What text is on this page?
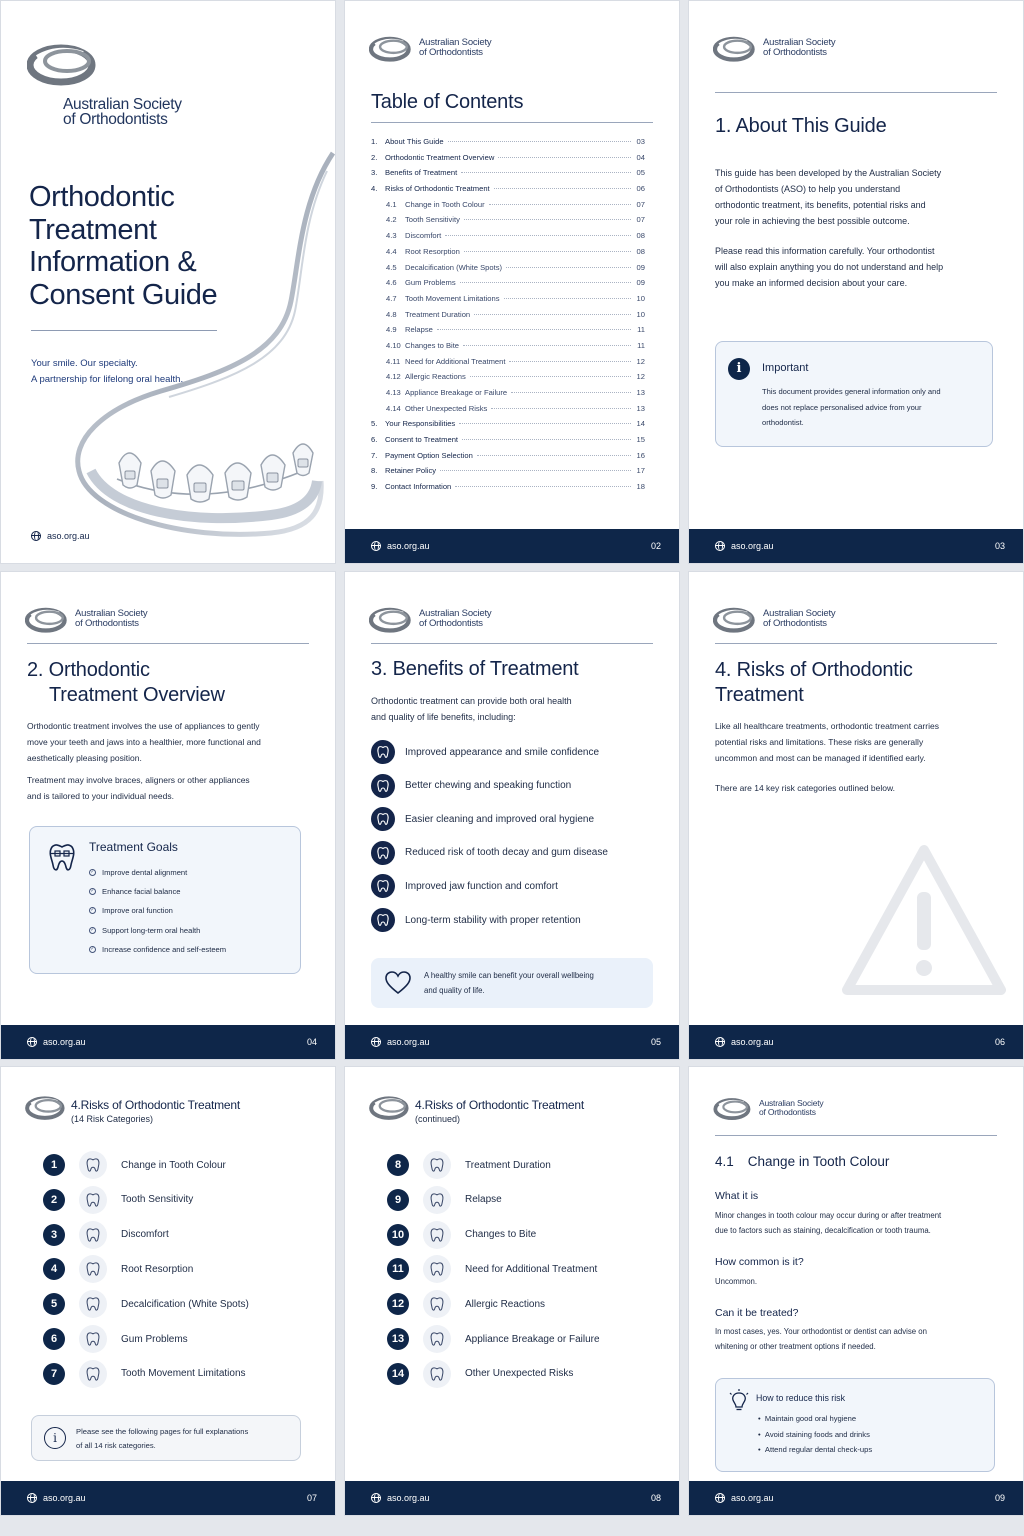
Australian Society
of Orthodontists
Orthodontic
Treatment
Information &
Consent Guide
Your smile. Our specialty.
A partnership for lifelong oral health.
aso.org.au
Australian Society
of Orthodontists
Table of Contents
1.	About This Guide	03
2.	Orthodontic Treatment Overview	04
3.	Benefits of Treatment	05
4.	Risks of Orthodontic Treatment	06
4.1	Change in Tooth Colour	07
4.2	Tooth Sensitivity	07
4.3	Discomfort	08
4.4	Root Resorption	08
4.5	Decalcification (White Spots)	09
4.6	Gum Problems	09
4.7	Tooth Movement Limitations	10
4.8	Treatment Duration	10
4.9	Relapse	11
4.10 Changes to Bite	11
4.11 Need for Additional Treatment	12
4.12 Allergic Reactions	12
4.13 Appliance Breakage or Failure	13
4.14 Other Unexpected Risks	13
5.	Your Responsibilities	14
6.	Consent to Treatment	15
7.	Payment Option Selection	16
8.	Retainer Policy	17
9.	Contact Information	18
aso.org.au	02
Australian Society
of Orthodontists
1. About This Guide
This guide has been developed by the Australian Society
of Orthodontists (ASO) to help you understand
orthodontic treatment, its benefits, potential risks and
your role in achieving the best possible outcome.
Please read this information carefully. Your orthodontist
will also explain anything you do not understand and help
you make an informed decision about your care.
i	Important
This document provides general information only and
does not replace personalised advice from your
orthodontist.
aso.org.au	03
Australian Society
of Orthodontists
2. Orthodontic
Treatment Overview
Orthodontic treatment involves the use of appliances to gently
move your teeth and jaws into a healthier, more functional and
aesthetically pleasing position.
Treatment may involve braces, aligners or other appliances
and is tailored to your individual needs.
Treatment Goals
✓ Improve dental alignment
✓ Enhance facial balance
✓ Improve oral function
✓ Support long-term oral health
✓ Increase confidence and self-esteem
aso.org.au	04
Australian Society
of Orthodontists
3. Benefits of Treatment
Orthodontic treatment can provide both oral health
and quality of life benefits, including:
Improved appearance and smile confidence
Better chewing and speaking function
Easier cleaning and improved oral hygiene
Reduced risk of tooth decay and gum disease
Improved jaw function and comfort
Long-term stability with proper retention
A healthy smile can benefit your overall wellbeing
and quality of life.
aso.org.au	05
Australian Society
of Orthodontists
4. Risks of Orthodontic
Treatment
Like all healthcare treatments, orthodontic treatment carries
potential risks and limitations. These risks are generally
uncommon and most can be managed if identified early.
There are 14 key risk categories outlined below.
aso.org.au	06
4.Risks of Orthodontic Treatment
(14 Risk Categories)
1	Change in Tooth Colour
2	Tooth Sensitivity
3	Discomfort
4	Root Resorption
5	Decalcification (White Spots)
6	Gum Problems
7	Tooth Movement Limitations
i	Please see the following pages for full explanations
of all 14 risk categories.
aso.org.au	07
4.Risks of Orthodontic Treatment
(continued)
8	Treatment Duration
9	Relapse
10	Changes to Bite
11	Need for Additional Treatment
12	Allergic Reactions
13	Appliance Breakage or Failure
14	Other Unexpected Risks
aso.org.au	08
Australian Society
of Orthodontists
4.1 Change in Tooth Colour
What it is
Minor changes in tooth colour may occur during or after treatment
due to factors such as staining, decalcification or tooth trauma.
How common is it?
Uncommon.
Can it be treated?
In most cases, yes. Your orthodontist or dentist can advise on
whitening or other treatment options if needed.
How to reduce this risk
•  Maintain good oral hygiene
•  Avoid staining foods and drinks
•  Attend regular dental check-ups
aso.org.au	09
